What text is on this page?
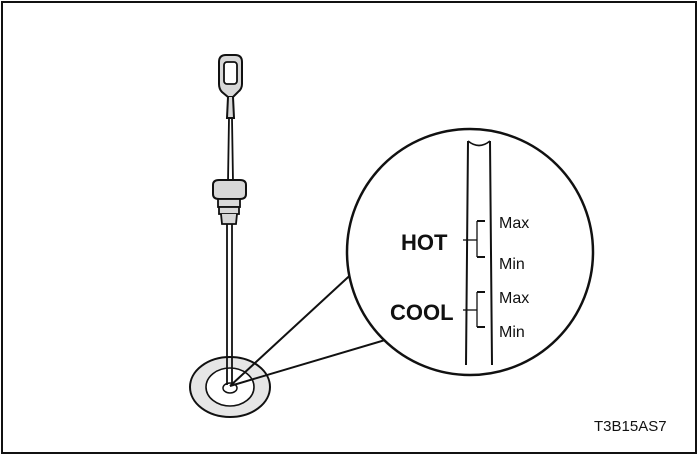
HOT
COOL
Max
Min
Max
Min
T3B15AS7
